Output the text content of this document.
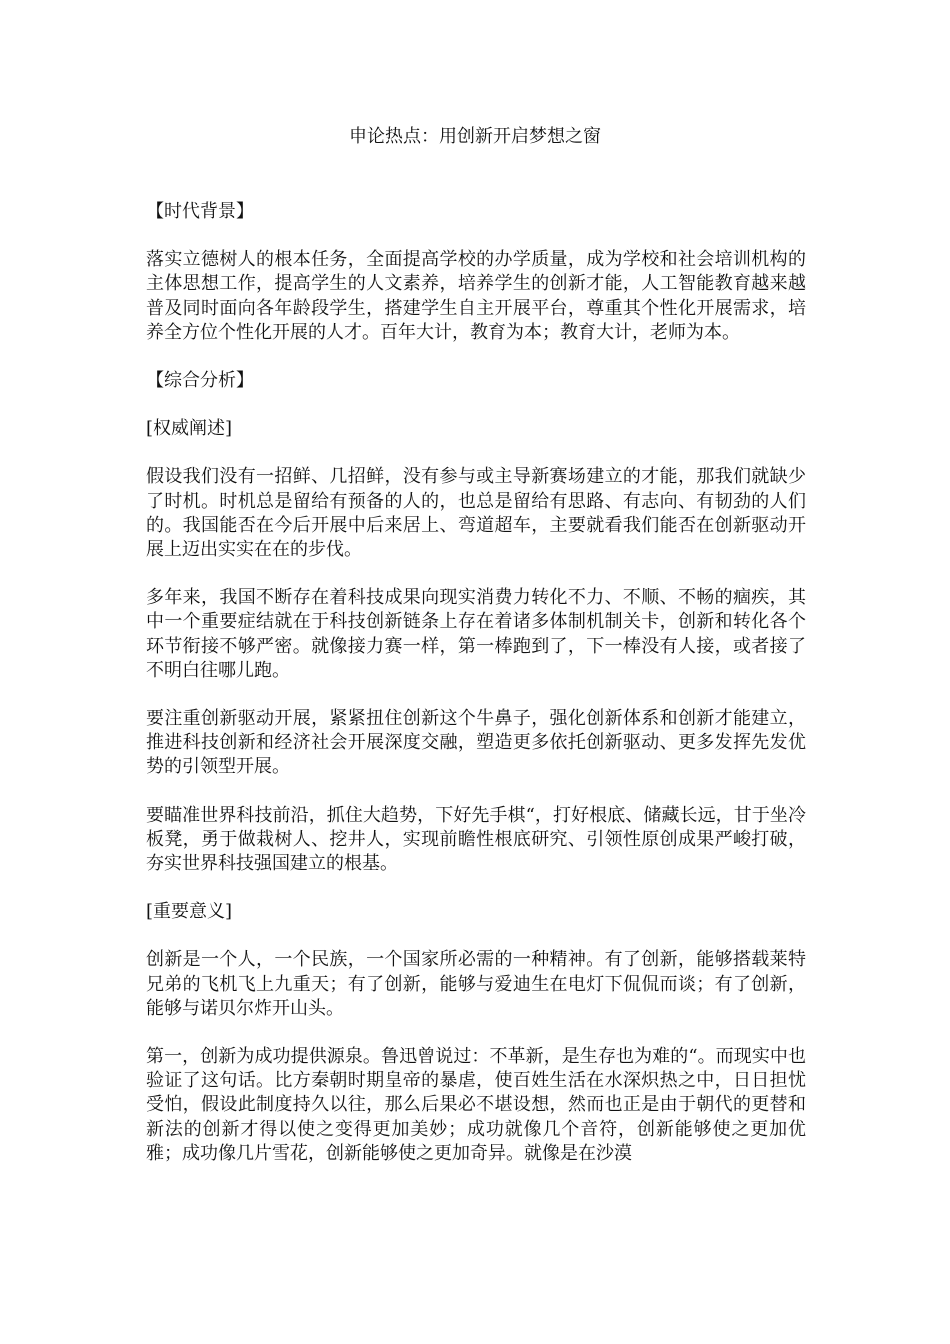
申论热点：用创新开启梦想之窗
【时代背景】

落实立德树人的根本任务，全面提高学校的办学质量，成为学校和社会培训机构的主体思想工作，提高学生的人文素养，培养学生的创新才能，人工智能教育越来越普及同时面向各年龄段学生，搭建学生自主开展平台，尊重其个性化开展需求，培养全方位个性化开展的人才。百年大计，教育为本；教育大计，老师为本。

【综合分析】
[权威阐述]

假设我们没有一招鲜、几招鲜，没有参与或主导新赛场建立的才能，那我们就缺少了时机。时机总是留给有预备的人的，也总是留给有思路、有志向、有韧劲的人们的。我国能否在今后开展中后来居上、弯道超车，主要就看我们能否在创新驱动开展上迈出实实在在的步伐。

多年来，我国不断存在着科技成果向现实消费力转化不力、不顺、不畅的痼疾，其中一个重要症结就在于科技创新链条上存在着诸多体制机制关卡，创新和转化各个环节衔接不够严密。就像接力赛一样，第一棒跑到了，下一棒没有人接，或者接了不明白往哪儿跑。

要注重创新驱动开展，紧紧扭住创新这个牛鼻子，强化创新体系和创新才能建立，推进科技创新和经济社会开展深度交融，塑造更多依托创新驱动、更多发挥先发优势的引领型开展。

要瞄准世界科技前沿，抓住大趋势，下好先手棋“，打好根底、储藏长远，甘于坐冷板凳，勇于做栽树人、挖井人，实现前瞻性根底研究、引领性原创成果严峻打破，夯实世界科技强国建立的根基。

[重要意义]

创新是一个人，一个民族，一个国家所必需的一种精神。有了创新，能够搭载莱特兄弟的飞机飞上九重天；有了创新，能够与爱迪生在电灯下侃侃而谈；有了创新，能够与诺贝尔炸开山头。

第一，创新为成功提供源泉。鲁迅曾说过：不革新，是生存也为难的“。而现实中也验证了这句话。比方秦朝时期皇帝的暴虐，使百姓生活在水深炽热之中，日日担忧受怕，假设此制度持久以往，那么后果必不堪设想，然而也正是由于朝代的更替和新法的创新才得以使之变得更加美妙；成功就像几个音符，创新能够使之更加优雅；成功像几片雪花，创新能够使之更加奇异。就像是在沙漠
